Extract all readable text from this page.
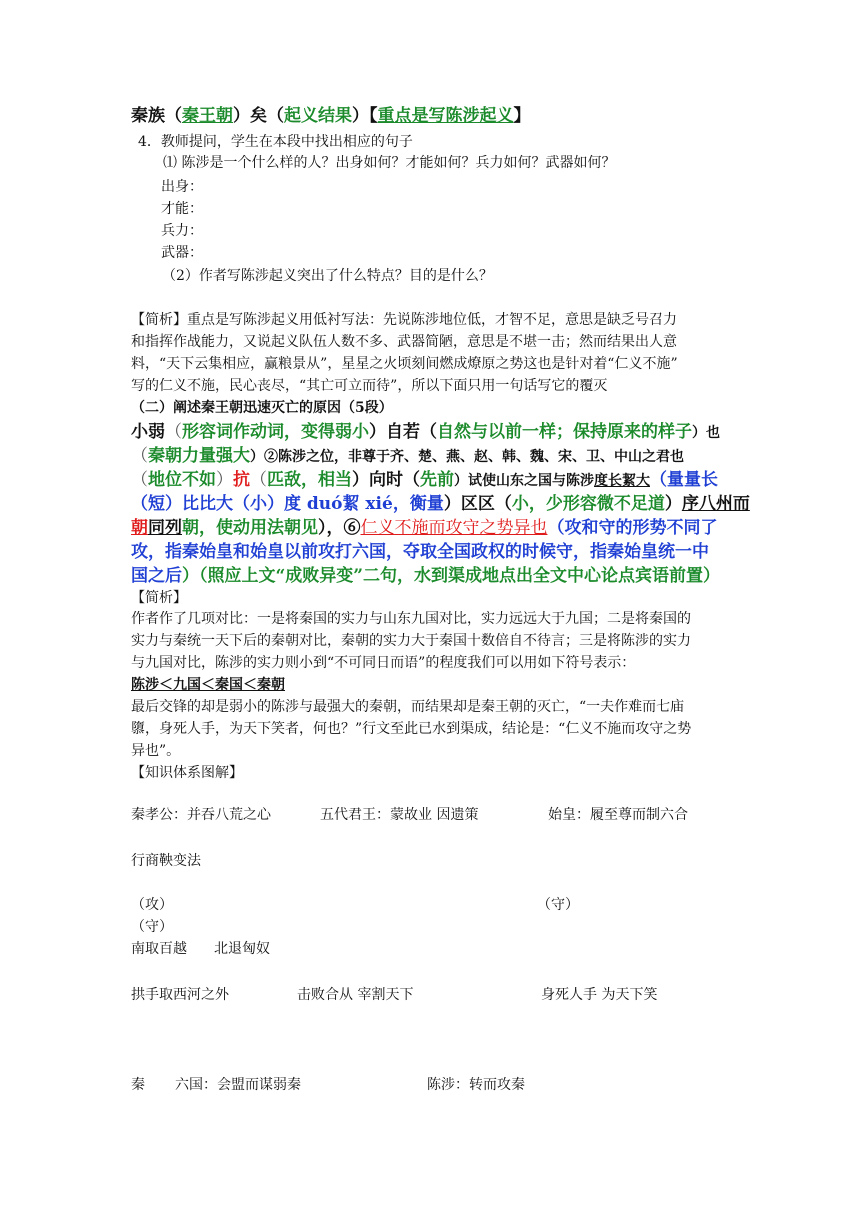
秦族（秦王朝）矣（起义结果）【重点是写陈涉起义】
4．教师提问，学生在本段中找出相应的句子
⑴ 陈涉是一个什么样的人？出身如何？才能如何？兵力如何？武器如何？
出身：
才能：
兵力：
武器：
（2）作者写陈涉起义突出了什么特点？目的是什么？
【简析】重点是写陈涉起义用低衬写法：先说陈涉地位低，才智不足，意思是缺乏号召力
和指挥作战能力，又说起义队伍人数不多、武器简陋，意思是不堪一击；然而结果出人意
料，“天下云集相应，赢粮景从”，星星之火顷刻间燃成燎原之势这也是针对着“仁义不施”
写的仁义不施，民心丧尽，“其亡可立而待”，所以下面只用一句话写它的覆灭
（二）阐述秦王朝迅速灭亡的原因（5段）
小弱（形容词作动词，变得弱小）自若（自然与以前一样；保持原来的样子）也
（秦朝力量强大）②陈涉之位，非尊于齐、楚、燕、赵、韩、魏、宋、卫、中山之君也
（地位不如）抗（匹敌，相当）向时（先前）试使山东之国与陈涉度长絜大（量量长
（短）比比大（小）度 duó絜 xié，衡量）区区（小，少形容微不足道）序八州而
朝同列朝，使动用法朝见），⑥仁义不施而攻守之势异也（攻和守的形势不同了
攻，指秦始皇和始皇以前攻打六国，夺取全国政权的时候守，指秦始皇统一中
国之后）（照应上文“成败异变”二句，水到渠成地点出全文中心论点宾语前置）
【简析】
作者作了几项对比：一是将秦国的实力与山东九国对比，实力远远大于九国；二是将秦国的
实力与秦统一天下后的秦朝对比，秦朝的实力大于秦国十数倍自不待言；三是将陈涉的实力
与九国对比，陈涉的实力则小到“不可同日而语”的程度我们可以用如下符号表示：
陈涉＜九国＜秦国＜秦朝
最后交锋的却是弱小的陈涉与最强大的秦朝，而结果却是秦王朝的灭亡，“一夫作难而七庙
隳，身死人手，为天下笑者，何也？”行文至此已水到渠成，结论是：“仁义不施而攻守之势
异也”。
【知识体系图解】
秦孝公：并吞八荒之心	五代君王：蒙故业 因遗策	始皇：履至尊而制六合
行商鞅变法
（攻）	（守）
（守）
南取百越 北退匈奴
拱手取西河之外	击败合从 宰割天下	身死人手 为天下笑
秦 六国：会盟而谋弱秦	陈涉：转而攻秦
